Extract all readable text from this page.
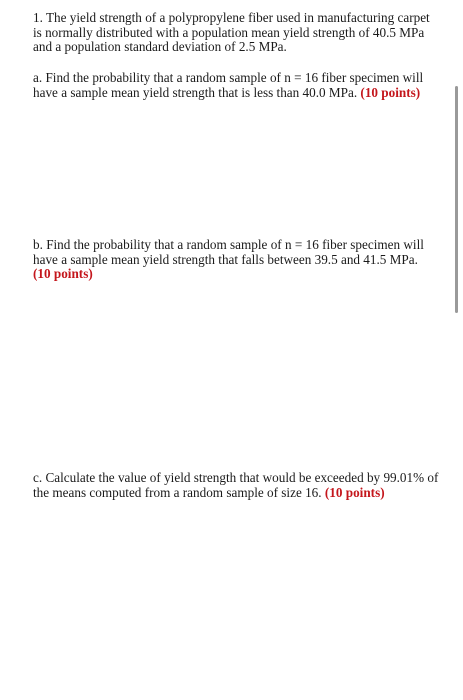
1. The yield strength of a polypropylene fiber used in manufacturing carpet is normally distributed with a population mean yield strength of 40.5 MPa and a population standard deviation of 2.5 MPa.
a. Find the probability that a random sample of n = 16 fiber specimen will have a sample mean yield strength that is less than 40.0 MPa. (10 points)
b. Find the probability that a random sample of n = 16 fiber specimen will have a sample mean yield strength that falls between 39.5 and 41.5 MPa.
(10 points)
c. Calculate the value of yield strength that would be exceeded by 99.01% of the means computed from a random sample of size 16. (10 points)
